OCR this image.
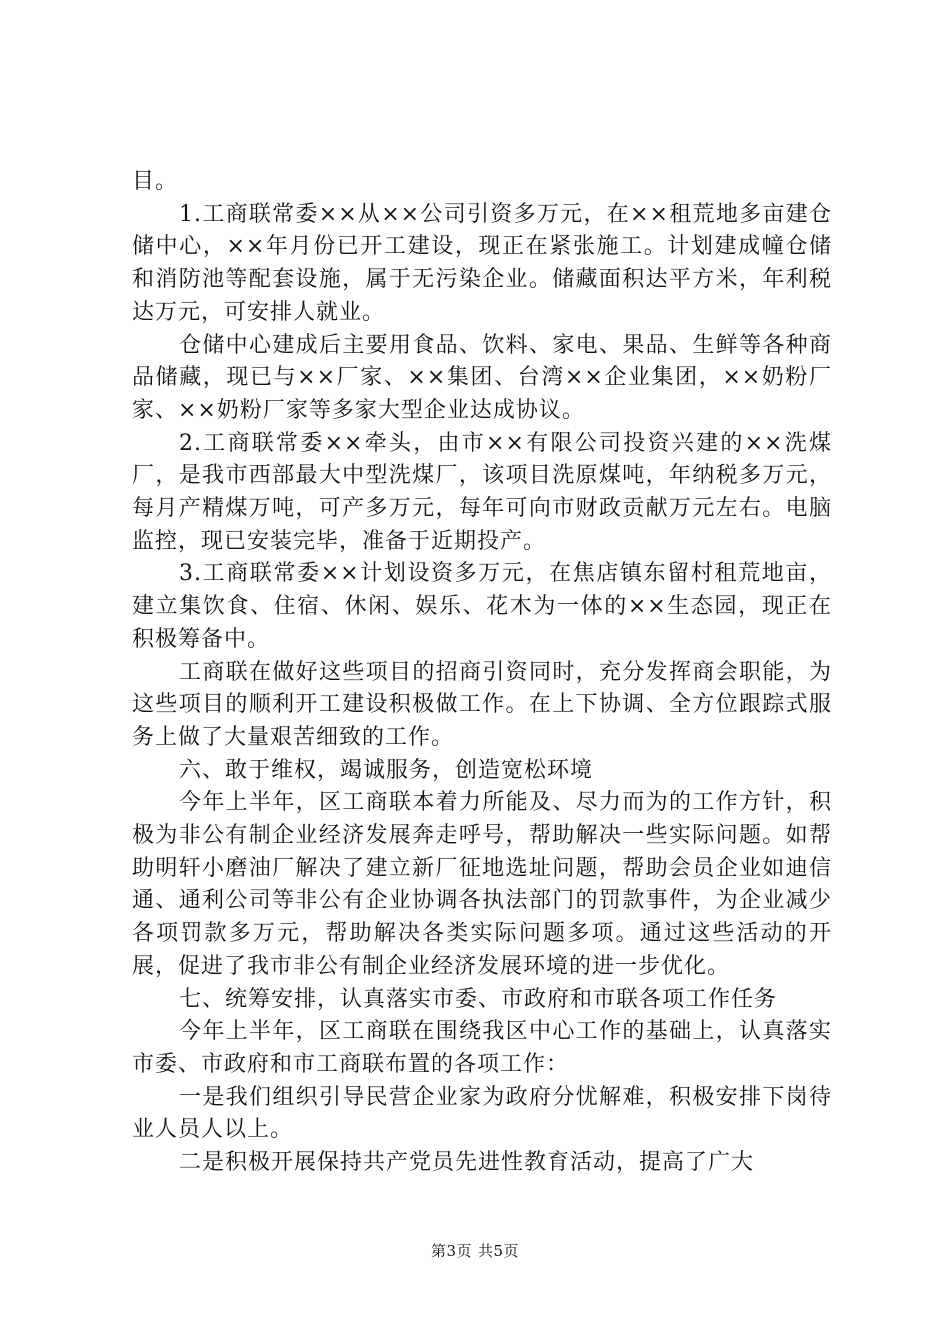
目。

1.工商联常委××从××公司引资多万元，在××租荒地多亩建仓储中心，××年月份已开工建设，现正在紧张施工。计划建成幢仓储和消防池等配套设施，属于无污染企业。储藏面积达平方米，年利税达万元，可安排人就业。

仓储中心建成后主要用食品、饮料、家电、果品、生鲜等各种商品储藏，现已与××厂家、××集团、台湾××企业集团，××奶粉厂家、××奶粉厂家等多家大型企业达成协议。

2.工商联常委××牵头，由市××有限公司投资兴建的××洗煤厂，是我市西部最大中型洗煤厂，该项目洗原煤吨，年纳税多万元，每月产精煤万吨，可产多万元，每年可向市财政贡献万元左右。电脑监控，现已安装完毕，准备于近期投产。

3.工商联常委××计划设资多万元，在焦店镇东留村租荒地亩，建立集饮食、住宿、休闲、娱乐、花木为一体的××生态园，现正在积极筹备中。

工商联在做好这些项目的招商引资同时，充分发挥商会职能，为这些项目的顺利开工建设积极做工作。在上下协调、全方位跟踪式服务上做了大量艰苦细致的工作。

六、敢于维权，竭诚服务，创造宽松环境

今年上半年，区工商联本着力所能及、尽力而为的工作方针，积极为非公有制企业经济发展奔走呼号，帮助解决一些实际问题。如帮助明轩小磨油厂解决了建立新厂征地选址问题，帮助会员企业如迪信通、通利公司等非公有企业协调各执法部门的罚款事件，为企业减少各项罚款多万元，帮助解决各类实际问题多项。通过这些活动的开展，促进了我市非公有制企业经济发展环境的进一步优化。

七、统筹安排，认真落实市委、市政府和市联各项工作任务

今年上半年，区工商联在围绕我区中心工作的基础上，认真落实市委、市政府和市工商联布置的各项工作：

一是我们组织引导民营企业家为政府分忧解难，积极安排下岗待业人员人以上。

二是积极开展保持共产党员先进性教育活动，提高了广大

第3页 共5页
